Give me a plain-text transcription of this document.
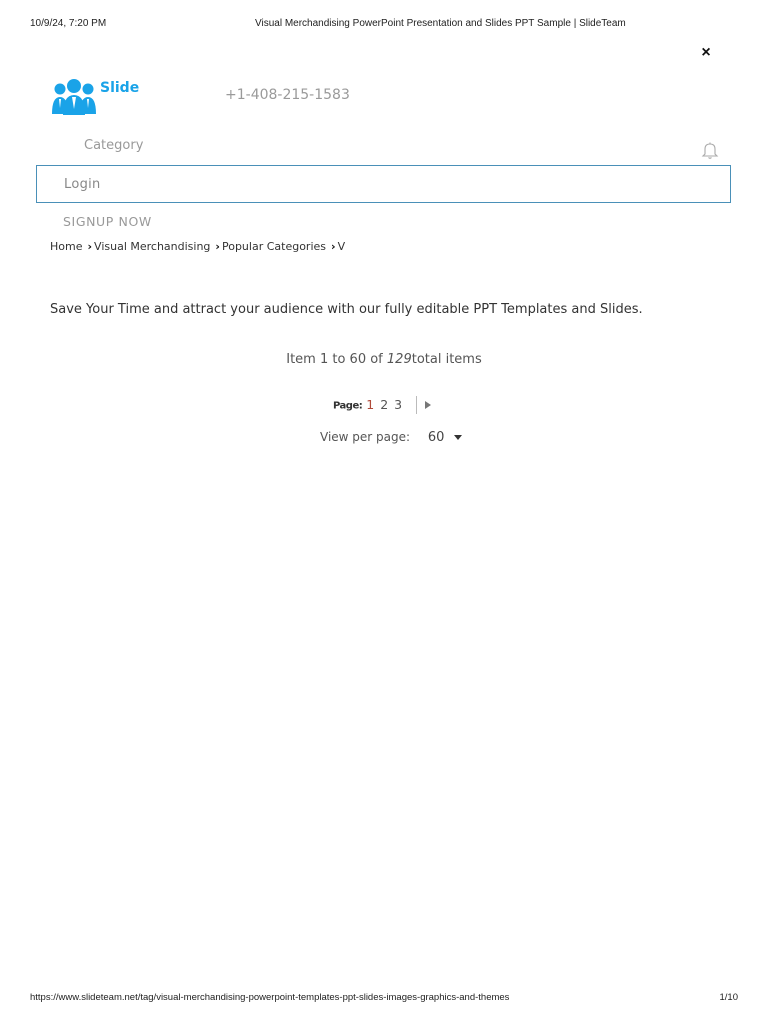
10/9/24, 7:20 PM	Visual Merchandising PowerPoint Presentation and Slides PPT Sample | SlideTeam
×
Slide	+1-408-215-1583
Category
Login
SIGNUP NOW
Home › Visual Merchandising › Popular Categories › V

Save Your Time and attract your audience with our fully editable PPT Templates and Slides.

Item 1 to 60 of 129total items
Page: 1 2 3
View per page: 60
https://www.slideteam.net/tag/visual-merchandising-powerpoint-templates-ppt-slides-images-graphics-and-themes	1/10
